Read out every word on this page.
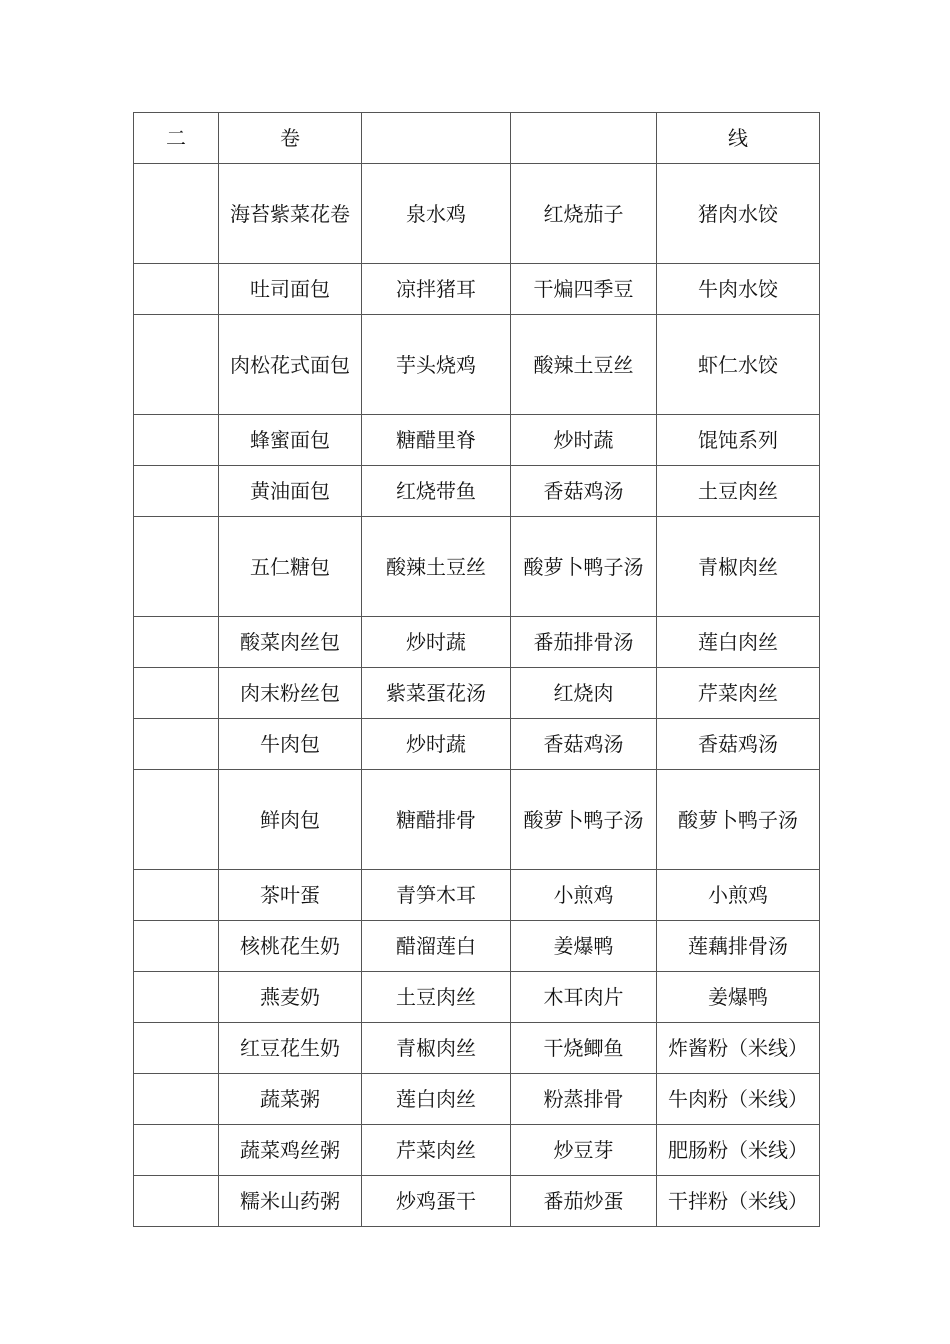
二	卷			线
	海苔紫菜花卷	泉水鸡	红烧茄子	猪肉水饺
	吐司面包	凉拌猪耳	干煸四季豆	牛肉水饺
	肉松花式面包	芋头烧鸡	酸辣土豆丝	虾仁水饺
	蜂蜜面包	糖醋里脊	炒时蔬	馄饨系列
	黄油面包	红烧带鱼	香菇鸡汤	土豆肉丝
	五仁糖包	酸辣土豆丝	酸萝卜鸭子汤	青椒肉丝
	酸菜肉丝包	炒时蔬	番茄排骨汤	莲白肉丝
	肉末粉丝包	紫菜蛋花汤	红烧肉	芹菜肉丝
	牛肉包	炒时蔬	香菇鸡汤	香菇鸡汤
	鲜肉包	糖醋排骨	酸萝卜鸭子汤	酸萝卜鸭子汤
	茶叶蛋	青笋木耳	小煎鸡	小煎鸡
	核桃花生奶	醋溜莲白	姜爆鸭	莲藕排骨汤
	燕麦奶	土豆肉丝	木耳肉片	姜爆鸭
	红豆花生奶	青椒肉丝	干烧鲫鱼	炸酱粉（米线）
	蔬菜粥	莲白肉丝	粉蒸排骨	牛肉粉（米线）
	蔬菜鸡丝粥	芹菜肉丝	炒豆芽	肥肠粉（米线）
	糯米山药粥	炒鸡蛋干	番茄炒蛋	干拌粉（米线）
